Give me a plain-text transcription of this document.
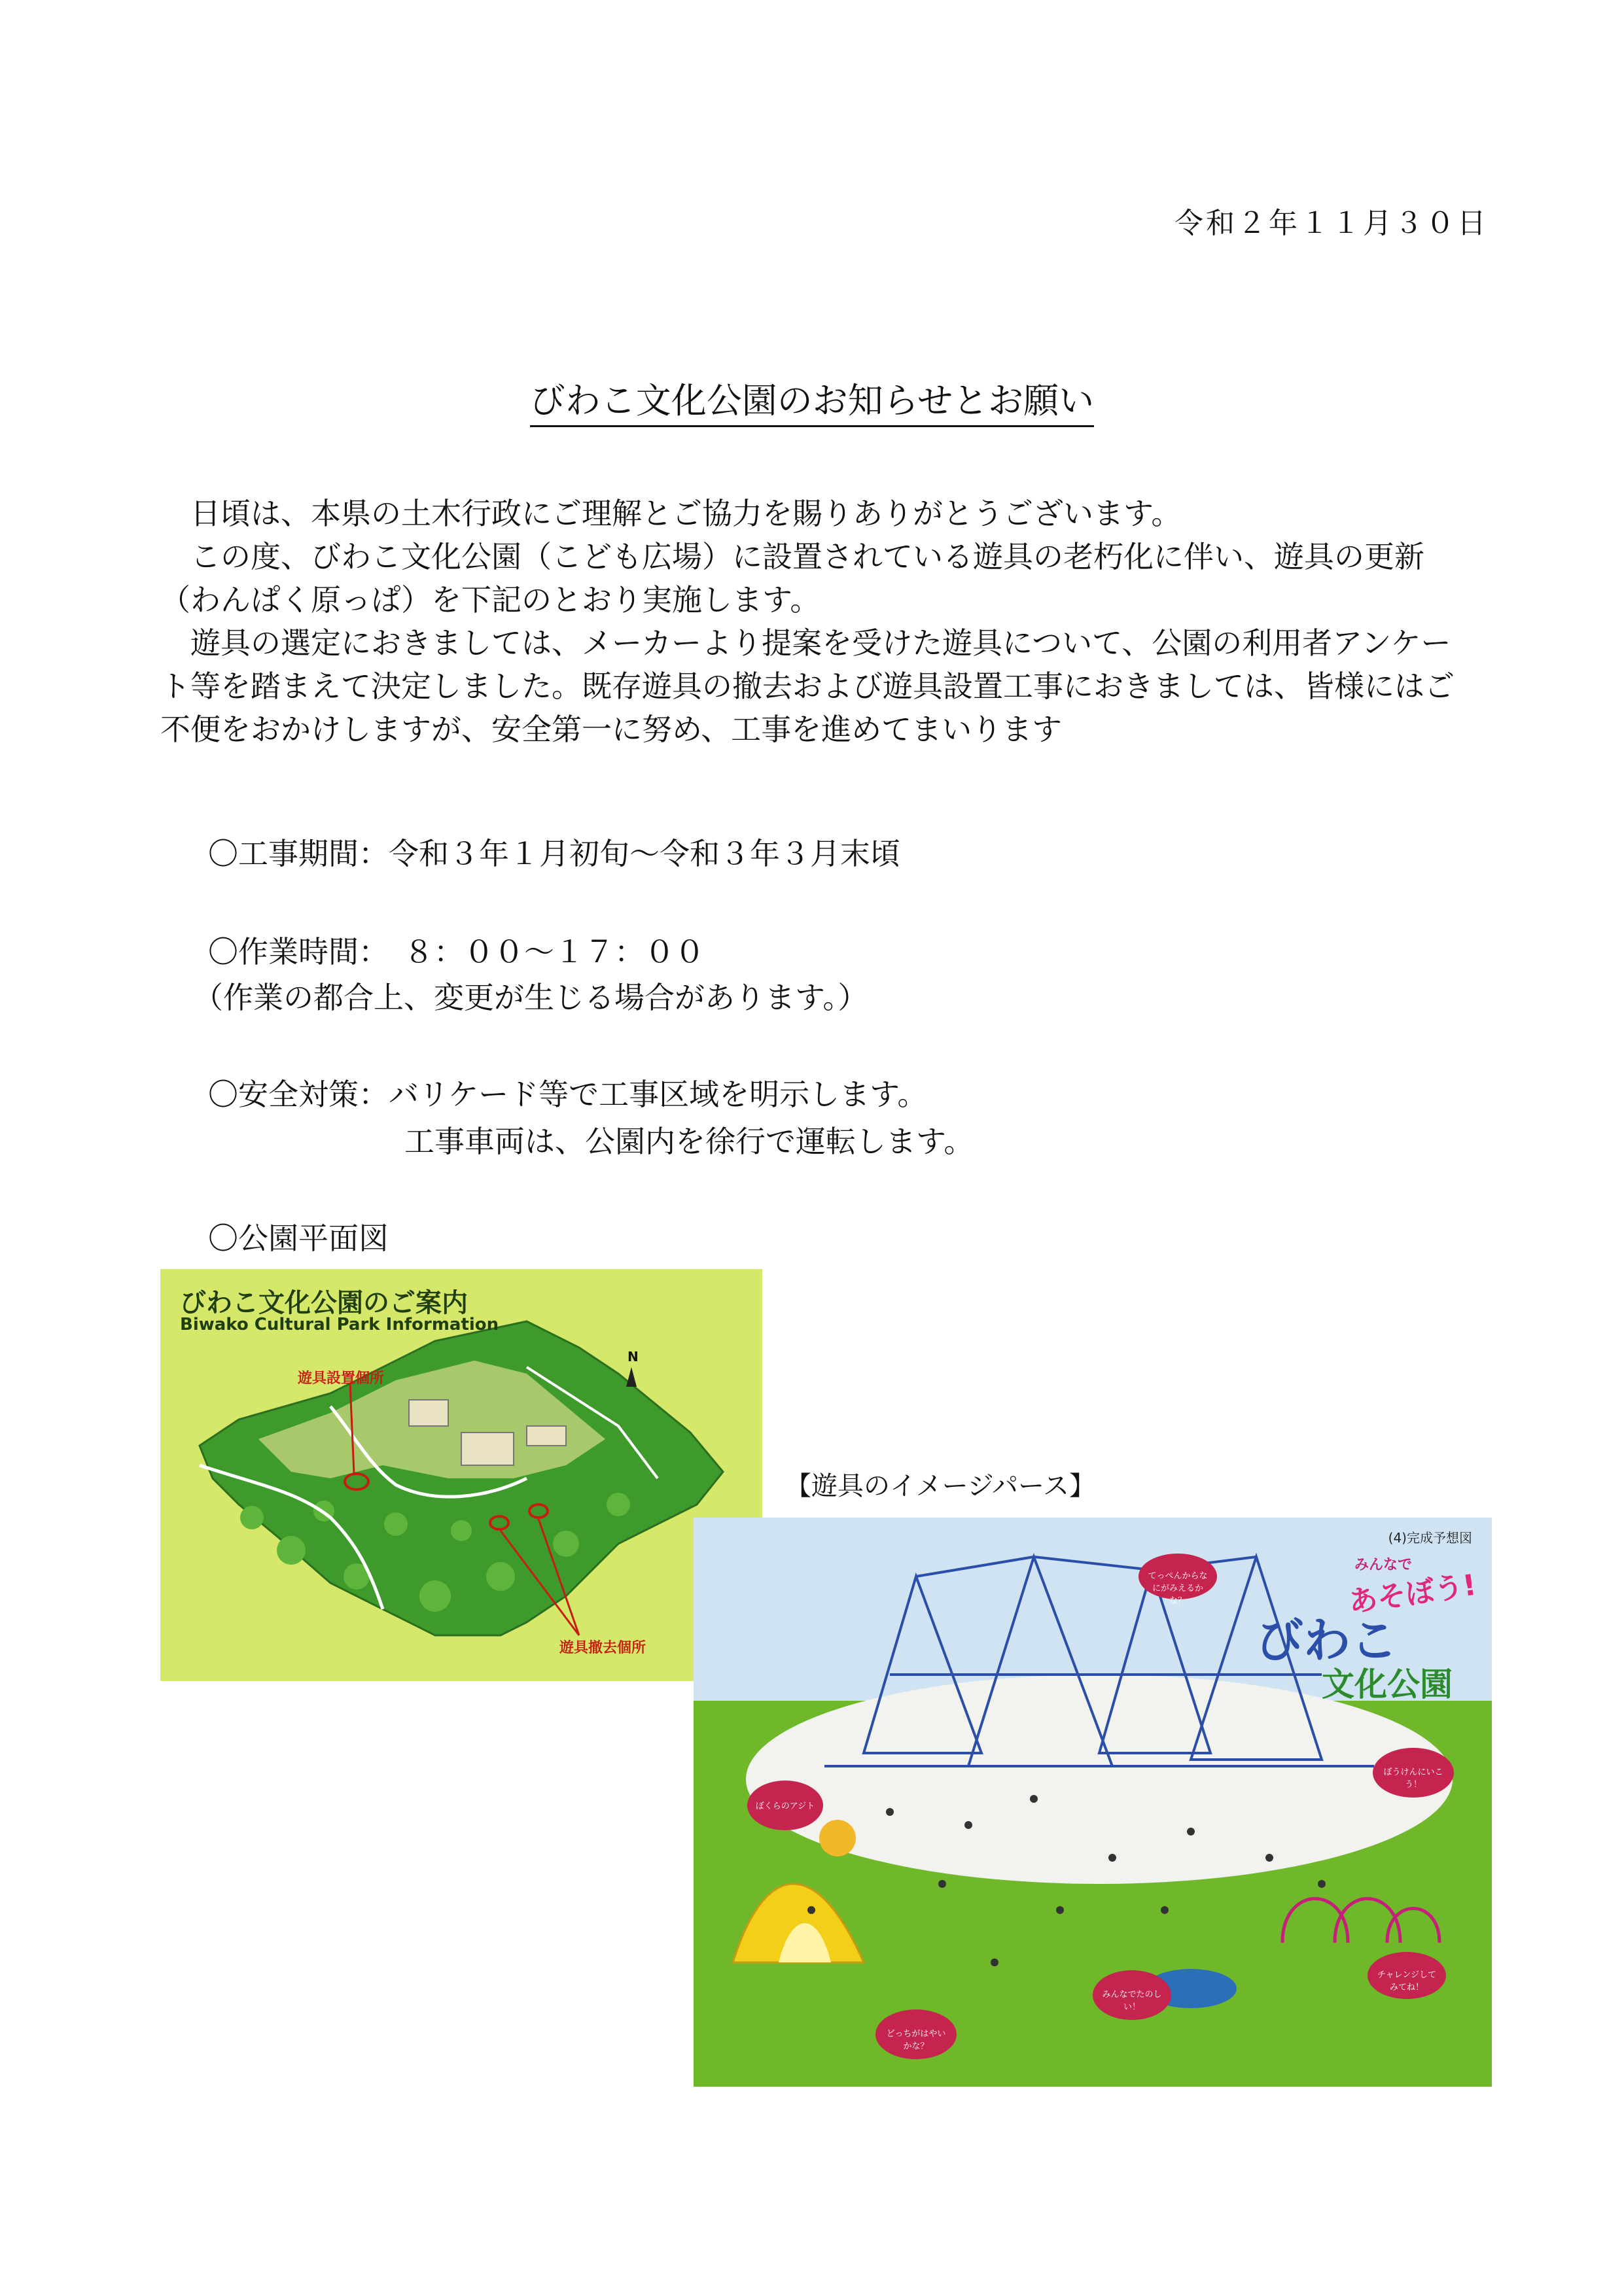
令和２年１１月３０日
びわこ文化公園のお知らせとお願い

日頃は、本県の土木行政にご理解とご協力を賜りありがとうございます。

この度、びわこ文化公園（こども広場）に設置されている遊具の老朽化に伴い、遊具の更新（わんぱく原っぱ）を下記のとおり実施します。

遊具の選定におきましては、メーカーより提案を受けた遊具について、公園の利用者アンケート等を踏まえて決定しました。既存遊具の撤去および遊具設置工事におきましては、皆様にはご不便をおかけしますが、安全第一に努め、工事を進めてまいります

〇工事期間：令和３年１月初旬～令和３年３月末頃
〇作業時間：　８：００～１７：００
（作業の都合上、変更が生じる場合があります。）
〇安全対策：バリケード等で工事区域を明示します。
工事車両は、公園内を徐行で運転します。
〇公園平面図
びわこ文化公園のご案内
Biwako Cultural Park Information
遊具設置個所
遊具撤去個所
N
【遊具のイメージパース】
(4)完成予想図
みんなで
あそぼう!
びわこ
文化公園
てっぺんからなにがみえるかな？
ぼくらのアジト
どっちがはやいかな？
みんなでたのしい！
チャレンジしてみてね！
ぼうけんにいこう！
